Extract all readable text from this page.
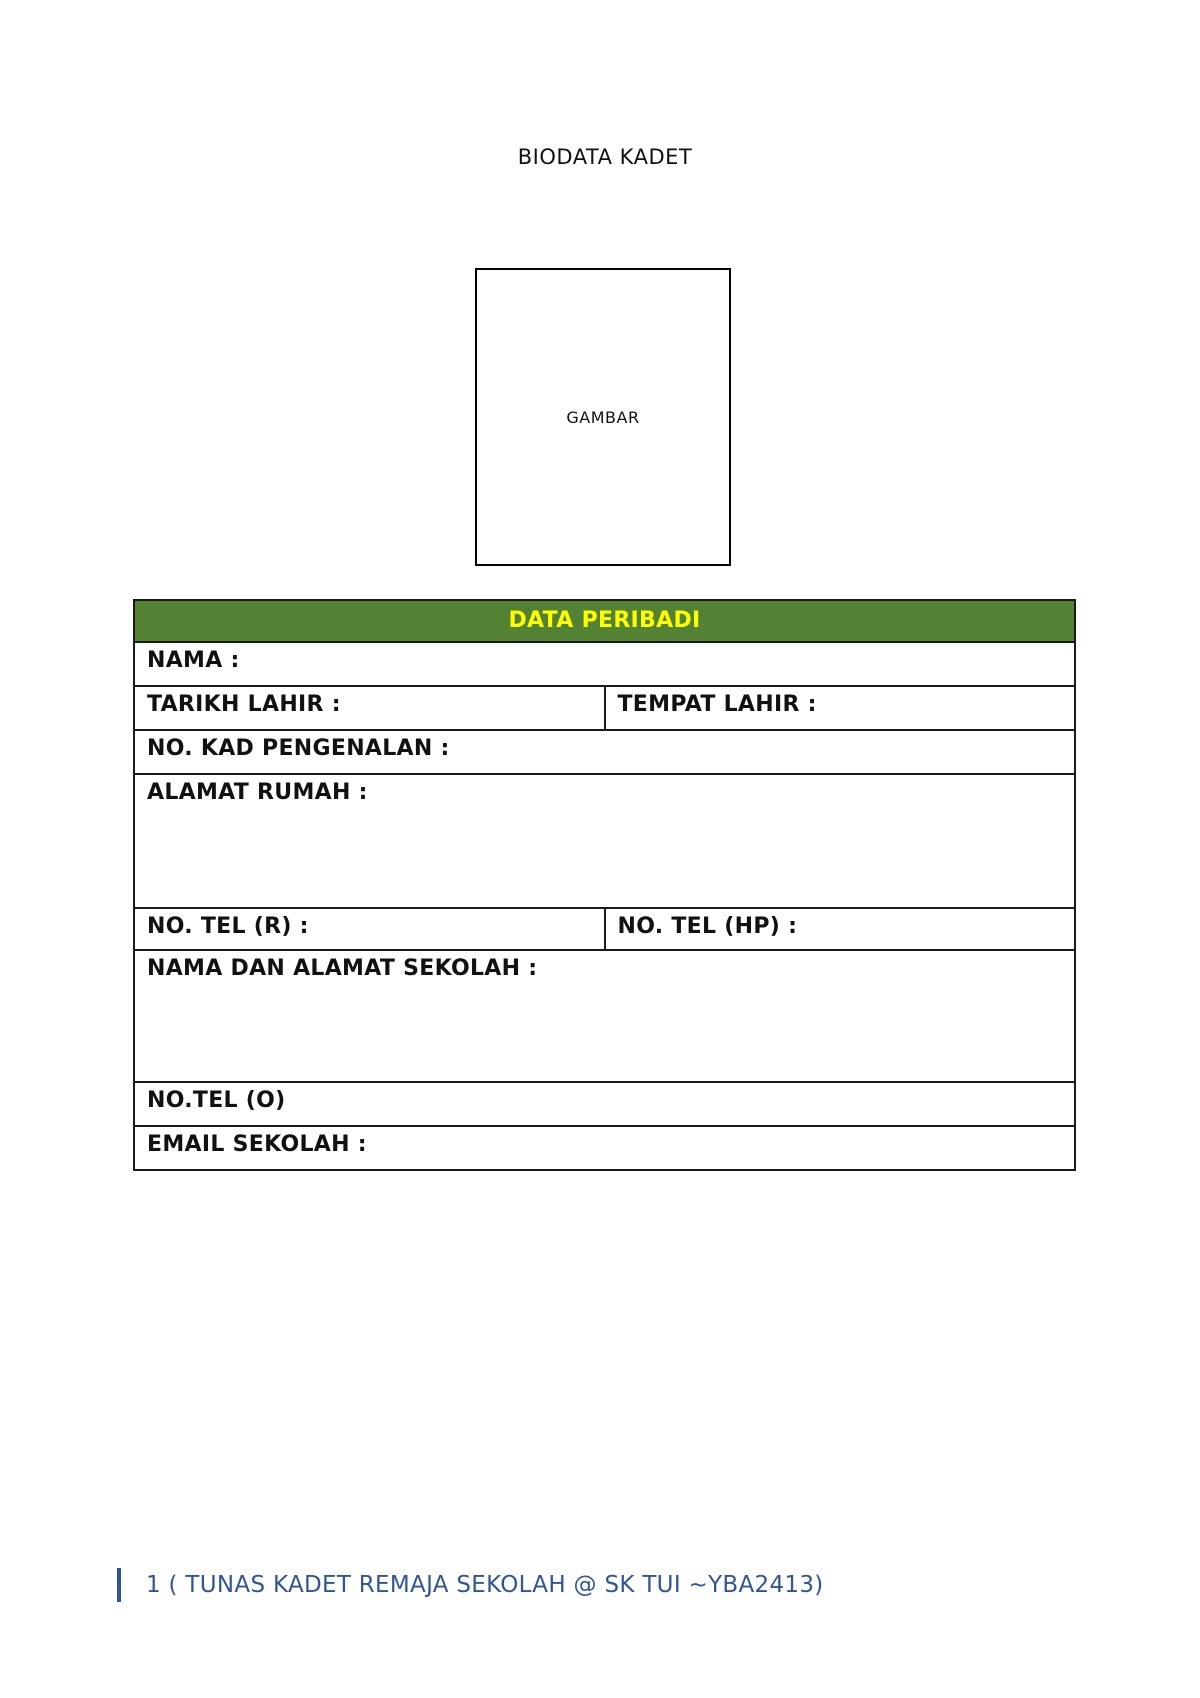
BIODATA KADET
GAMBAR
DATA PERIBADI	
NAMA :	
TARIKH LAHIR :	TEMPAT LAHIR :
NO. KAD PENGENALAN :	
ALAMAT RUMAH :	
NO. TEL (R) :	NO. TEL (HP) :
NAMA DAN ALAMAT SEKOLAH :	
NO.TEL (O)	
EMAIL SEKOLAH :	
1 ( TUNAS KADET REMAJA SEKOLAH @ SK TUI ~YBA2413)
